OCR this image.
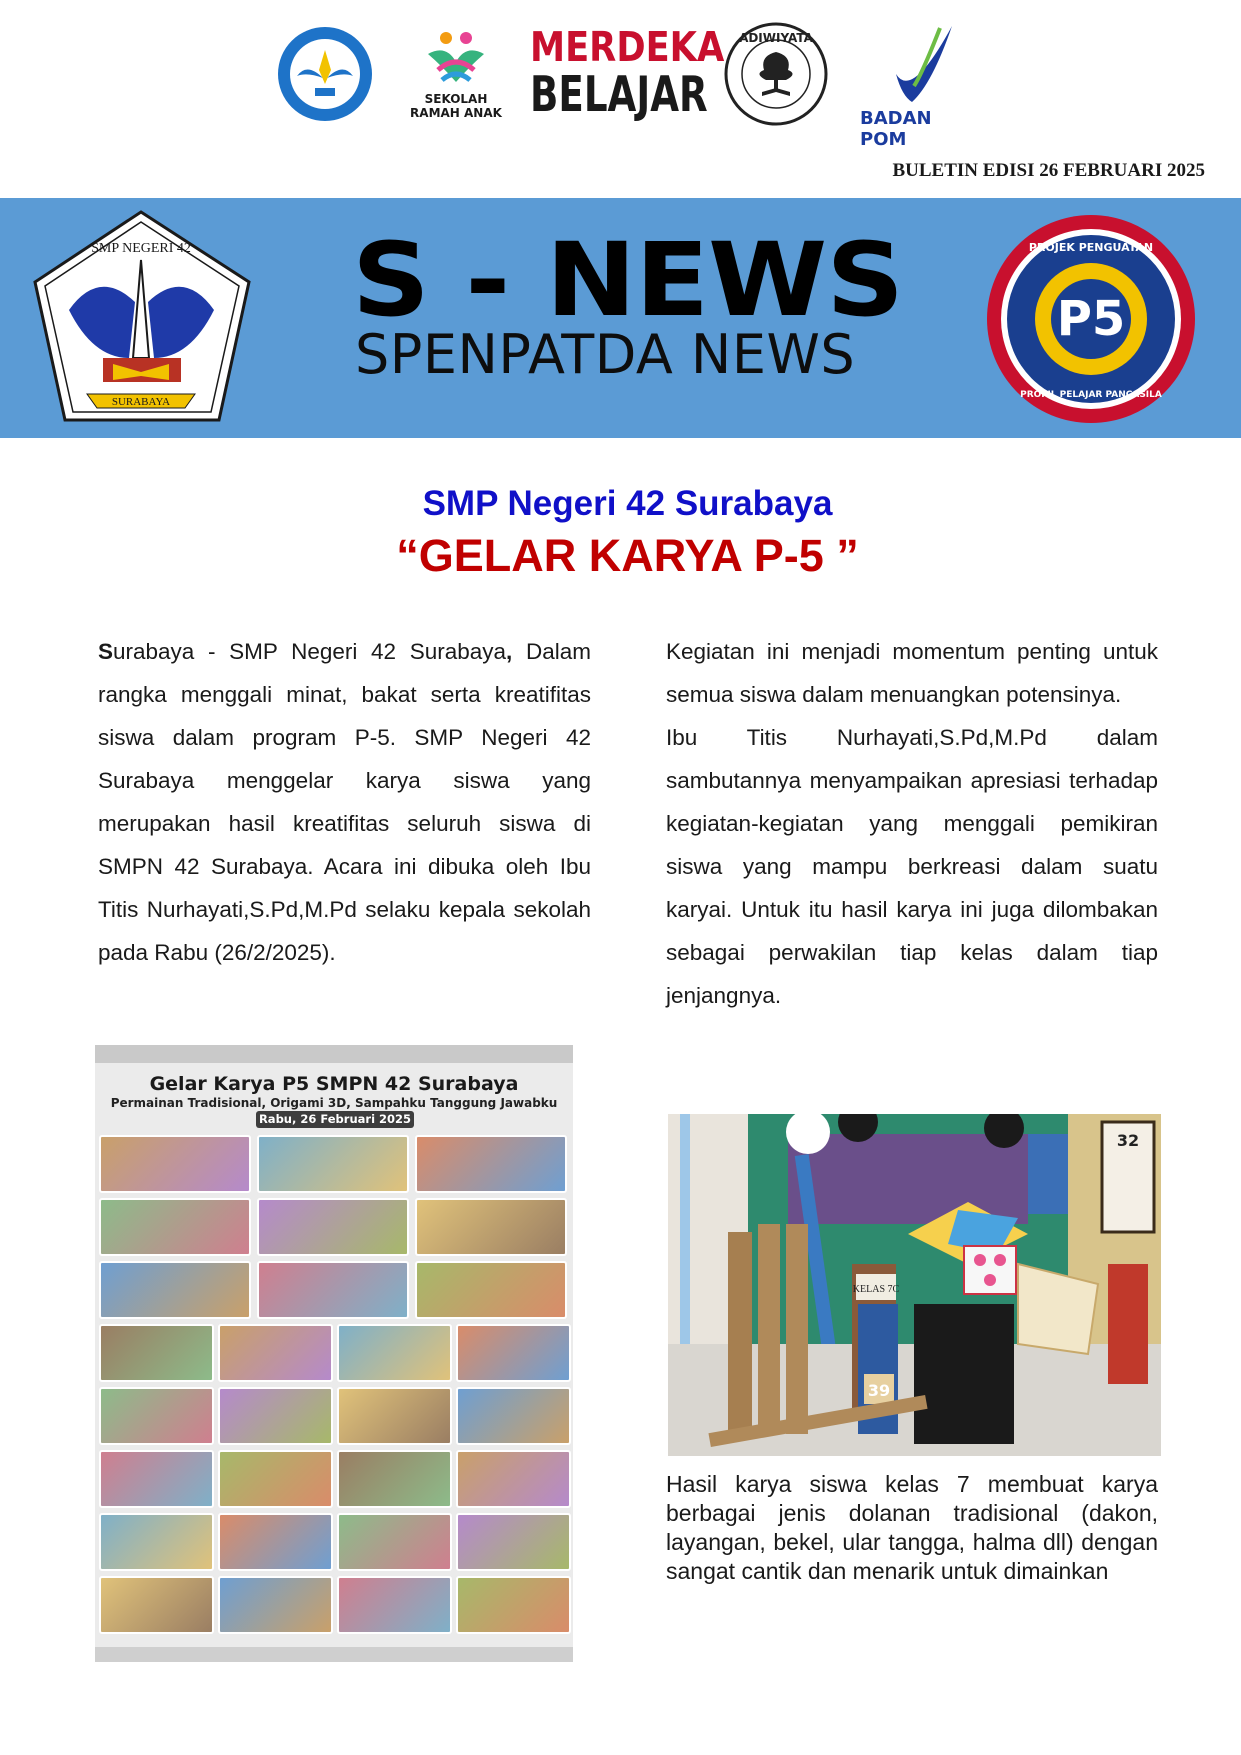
SEKOLAH
RAMAH ANAK
MERDEKA
BELAJAR
ADIWIYATA
BADAN POM
BULETIN EDISI 26 FEBRUARI 2025
SURABAYA
SMP NEGERI 42
P5
PROJEK PENGUATAN
PROFIL PELAJAR PANCASILA
S - NEWS
SPENPATDA NEWS
SMP Negeri 42 Surabaya
“GELAR KARYA P-5 ”

Surabaya - SMP Negeri 42 Surabaya, Dalam rangka menggali minat, bakat serta kreatifitas siswa dalam program P-5. SMP Negeri 42 Surabaya menggelar karya siswa yang merupakan hasil kreatifitas seluruh siswa di SMPN 42 Surabaya. Acara ini dibuka oleh Ibu Titis Nurhayati,S.Pd,M.Pd selaku kepala sekolah pada Rabu (26/2/2025).

Kegiatan ini menjadi momentum penting untuk semua siswa dalam menuangkan potensinya.

Ibu Titis Nurhayati,S.Pd,M.Pd dalam sambutannya menyampaikan apresiasi terhadap kegiatan-kegiatan yang menggali pemikiran siswa yang mampu berkreasi dalam suatu karyai. Untuk itu hasil karya ini juga dilombakan sebagai perwakilan tiap kelas dalam tiap jenjangnya.

Gelar Karya P5 SMPN 42 Surabaya
Permainan Tradisional, Origami 3D, Sampahku Tanggung Jawabku
Rabu, 26 Februari 2025
32
KELAS 7C
39
Hasil karya siswa kelas 7 membuat karya berbagai jenis dolanan tradisional (dakon, layangan, bekel, ular tangga, halma dll) dengan sangat cantik dan menarik untuk dimainkan
